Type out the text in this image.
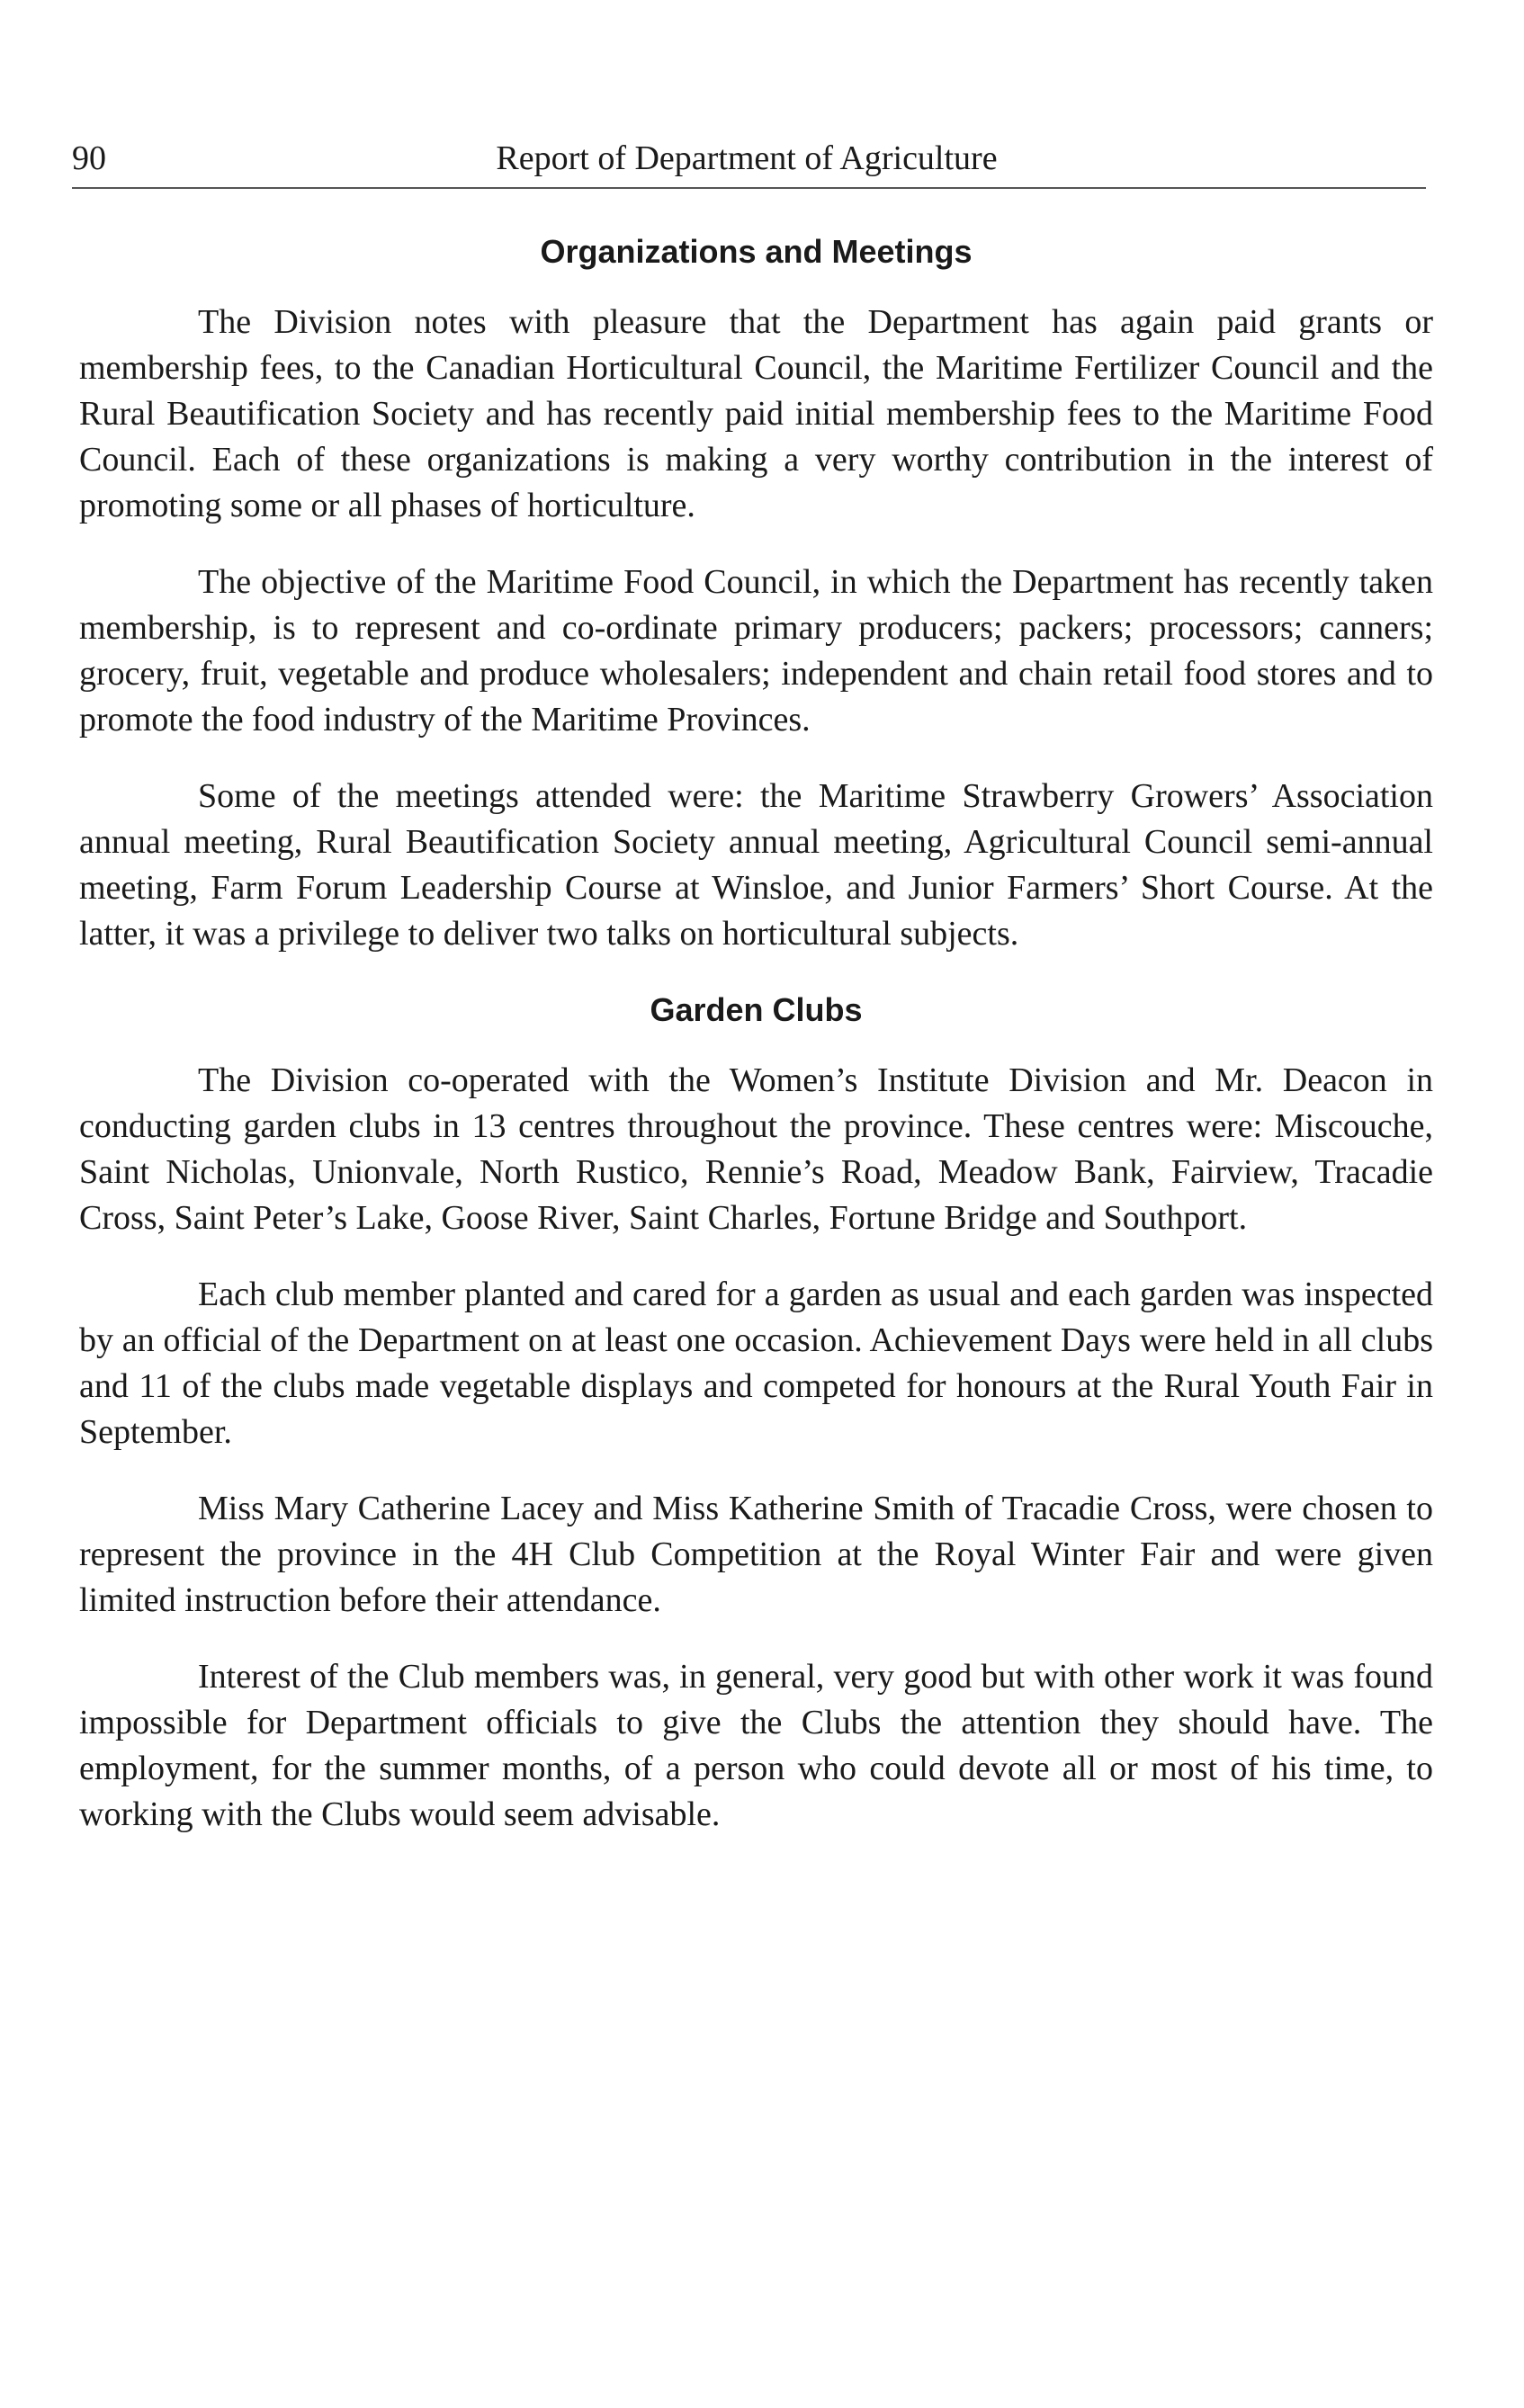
90	Report of Department of Agriculture
Organizations and Meetings

The Division notes with pleasure that the Department has again paid grants or membership fees, to the Canadian Horticultural Council, the Maritime Fertilizer Council and the Rural Beautification Society and has recently paid initial membership fees to the Maritime Food Council. Each of these organizations is making a very worthy contribution in the interest of promoting some or all phases of horticulture.

The objective of the Maritime Food Council, in which the Department has recently taken membership, is to represent and co-ordinate primary producers; packers; processors; canners; grocery, fruit, vegetable and produce wholesalers; independent and chain retail food stores and to promote the food industry of the Maritime Provinces.

Some of the meetings attended were: the Maritime Strawberry Growers’ Association annual meeting, Rural Beautification Society annual meeting, Agricultural Council semi-annual meeting, Farm Forum Leadership Course at Winsloe, and Junior Farmers’ Short Course. At the latter, it was a privilege to deliver two talks on horticultural subjects.

Garden Clubs

The Division co-operated with the Women’s Institute Division and Mr. Deacon in conducting garden clubs in 13 centres throughout the province. These centres were: Miscouche, Saint Nicholas, Unionvale, North Rustico, Rennie’s Road, Meadow Bank, Fairview, Tracadie Cross, Saint Peter’s Lake, Goose River, Saint Charles, Fortune Bridge and Southport.

Each club member planted and cared for a garden as usual and each garden was inspected by an official of the Department on at least one occasion. Achievement Days were held in all clubs and 11 of the clubs made vegetable displays and competed for honours at the Rural Youth Fair in September.

Miss Mary Catherine Lacey and Miss Katherine Smith of Tracadie Cross, were chosen to represent the province in the 4H Club Competition at the Royal Winter Fair and were given limited instruction before their attendance.

Interest of the Club members was, in general, very good but with other work it was found impossible for Department officials to give the Clubs the attention they should have. The employment, for the summer months, of a person who could devote all or most of his time, to working with the Clubs would seem advisable.
